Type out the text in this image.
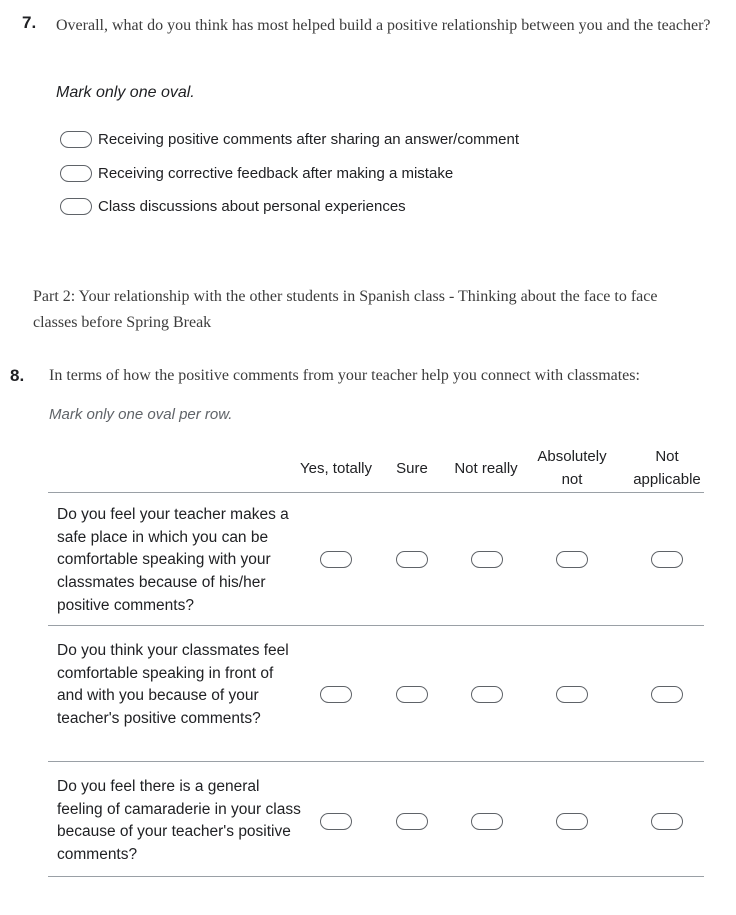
7. Overall, what do you think has most helped build a positive relationship between you and the teacher?
Mark only one oval.
Receiving positive comments after sharing an answer/comment
Receiving corrective feedback after making a mistake
Class discussions about personal experiences
Part 2: Your relationship with the other students in Spanish class - Thinking about the face to face classes before Spring Break
8. In terms of how the positive comments from your teacher help you connect with classmates:
Mark only one oval per row.
Yes, totally	Sure	Not really
Absolutely not
Not applicable
Do you feel your teacher makes a safe place in which you can be comfortable speaking with your classmates because of his/her positive comments?
Do you think your classmates feel comfortable speaking in front of and with you because of your teacher's positive comments?
Do you feel there is a general feeling of camaraderie in your class because of your teacher's positive comments?
